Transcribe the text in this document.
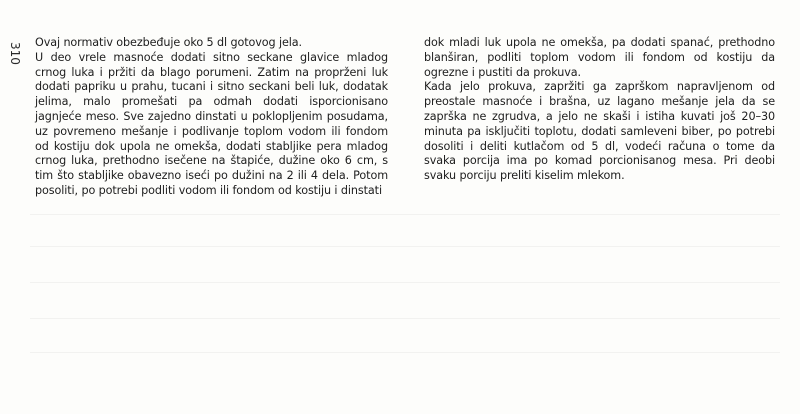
310 Ovaj normativ obezbeđuje oko 5 dl gotovog jela.

U deo vrele masnoće dodati sitno seckane glavice mladog crnog luka i pržiti da blago porumeni. Zatim na proprženi luk dodati papriku u prahu, tucani i sitno seckani beli luk, dodatak jelima, malo promešati pa odmah dodati isporcionisano jagnjeće meso. Sve zajedno dinstati u poklopljenim posudama, uz povremeno mešanje i podlivanje toplom vodom ili fondom od kostiju dok upola ne omekša, dodati stabljike pera mladog crnog luka, prethodno isečene na štapiće, dužine oko 6 cm, s tim što stabljike obavezno iseći po dužini na 2 ili 4 dela. Potom posoliti, po potrebi podliti vodom ili fondom od kostiju i dinstati

dok mladi luk upola ne omekša, pa dodati spanać, prethodno blanširan, podliti toplom vodom ili fondom od kostiju da ogrezne i pustiti da prokuva.

Kada jelo prokuva, zapržiti ga zaprškom napravljenom od preostale masnoće i brašna, uz lagano mešanje jela da se zaprška ne zgrudva, a jelo ne skaši i istiha kuvati još 20–30 minuta pa isključiti toplotu, dodati samleveni biber, po potrebi dosoliti i deliti kutlačom od 5 dl, vodeći računa o tome da svaka porcija ima po komad porcionisanog mesa. Pri deobi svaku porciju preliti kiselim mlekom.
